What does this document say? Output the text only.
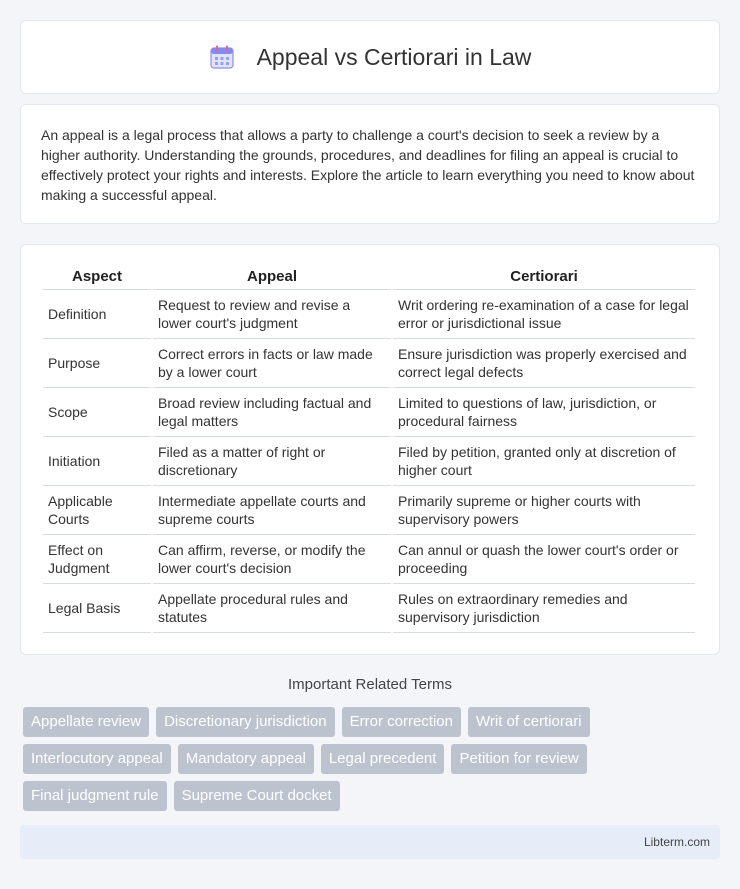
Appeal vs Certiorari in Law

An appeal is a legal process that allows a party to challenge a court's decision to seek a review by a higher authority. Understanding the grounds, procedures, and deadlines for filing an appeal is crucial to effectively protect your rights and interests. Explore the article to learn everything you need to know about making a successful appeal.

Aspect	Appeal	Certiorari
Definition	Request to review and revise a lower court's judgment	Writ ordering re-examination of a case for legal error or jurisdictional issue
Purpose	Correct errors in facts or law made by a lower court	Ensure jurisdiction was properly exercised and correct legal defects
Scope	Broad review including factual and legal matters	Limited to questions of law, jurisdiction, or procedural fairness
Initiation	Filed as a matter of right or discretionary	Filed by petition, granted only at discretion of higher court
Applicable Courts	Intermediate appellate courts and supreme courts	Primarily supreme or higher courts with supervisory powers
Effect on Judgment	Can affirm, reverse, or modify the lower court's decision	Can annul or quash the lower court's order or proceeding
Legal Basis	Appellate procedural rules and statutes	Rules on extraordinary remedies and supervisory jurisdiction
Important Related Terms
Appellate review	Discretionary jurisdiction	Error correction	Writ of certiorari
Interlocutory appeal	Mandatory appeal	Legal precedent	Petition for review
Final judgment rule	Supreme Court docket
Libterm.com
